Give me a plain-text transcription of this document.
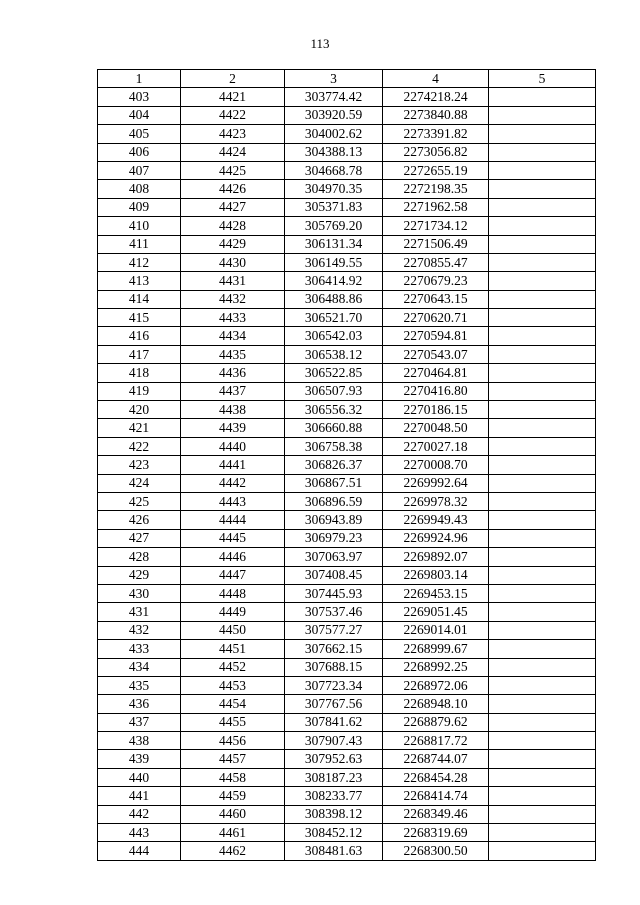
113
1	2	3	4	5
403	4421	303774.42	2274218.24	
404	4422	303920.59	2273840.88	
405	4423	304002.62	2273391.82	
406	4424	304388.13	2273056.82	
407	4425	304668.78	2272655.19	
408	4426	304970.35	2272198.35	
409	4427	305371.83	2271962.58	
410	4428	305769.20	2271734.12	
411	4429	306131.34	2271506.49	
412	4430	306149.55	2270855.47	
413	4431	306414.92	2270679.23	
414	4432	306488.86	2270643.15	
415	4433	306521.70	2270620.71	
416	4434	306542.03	2270594.81	
417	4435	306538.12	2270543.07	
418	4436	306522.85	2270464.81	
419	4437	306507.93	2270416.80	
420	4438	306556.32	2270186.15	
421	4439	306660.88	2270048.50	
422	4440	306758.38	2270027.18	
423	4441	306826.37	2270008.70	
424	4442	306867.51	2269992.64	
425	4443	306896.59	2269978.32	
426	4444	306943.89	2269949.43	
427	4445	306979.23	2269924.96	
428	4446	307063.97	2269892.07	
429	4447	307408.45	2269803.14	
430	4448	307445.93	2269453.15	
431	4449	307537.46	2269051.45	
432	4450	307577.27	2269014.01	
433	4451	307662.15	2268999.67	
434	4452	307688.15	2268992.25	
435	4453	307723.34	2268972.06	
436	4454	307767.56	2268948.10	
437	4455	307841.62	2268879.62	
438	4456	307907.43	2268817.72	
439	4457	307952.63	2268744.07	
440	4458	308187.23	2268454.28	
441	4459	308233.77	2268414.74	
442	4460	308398.12	2268349.46	
443	4461	308452.12	2268319.69	
444	4462	308481.63	2268300.50	
